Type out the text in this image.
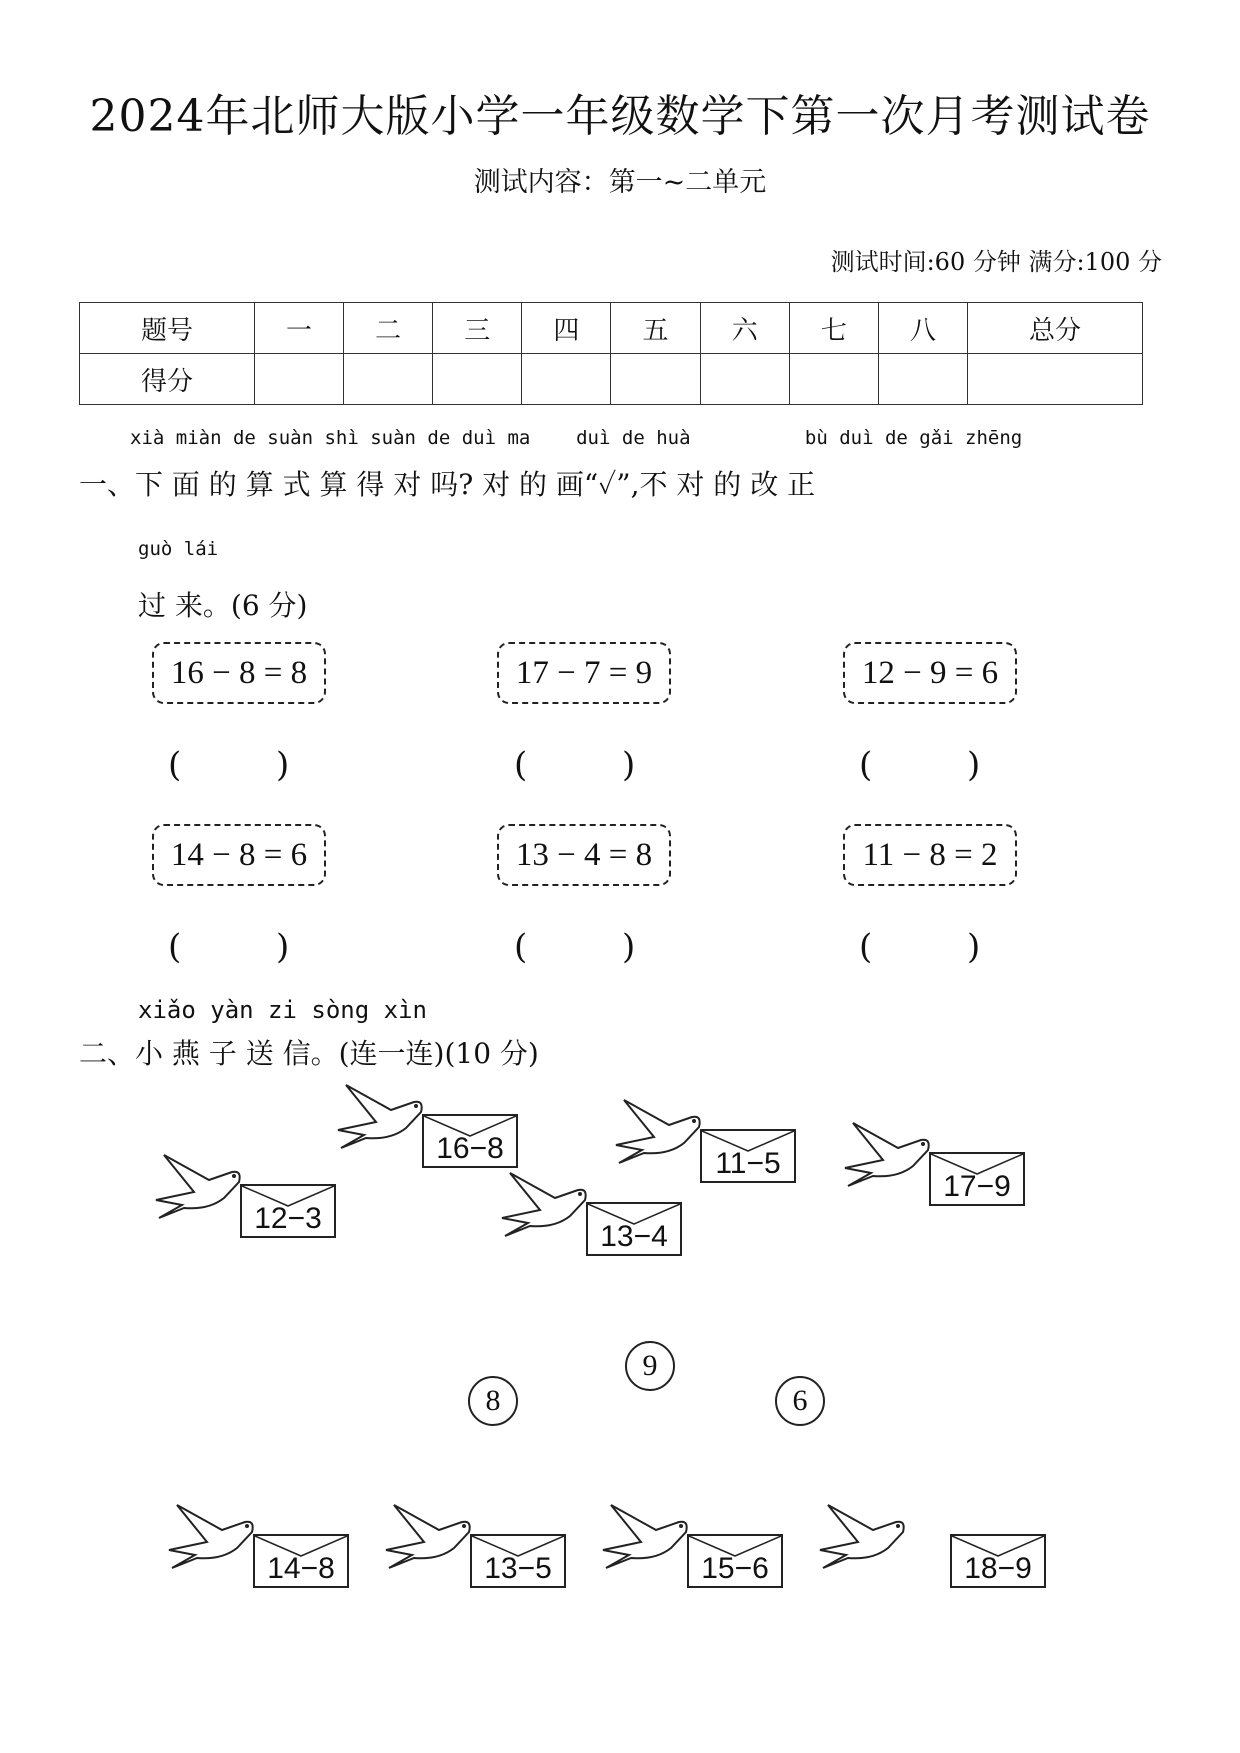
2024年北师大版小学一年级数学下第一次月考测试卷
测试内容：第一~二单元
测试时间:60 分钟 满分:100 分
题号	一	二	三	四	五	六	七	八	总分
得分									
xià miàn de suàn shì suàn de duì ma    duì de huà          bù duì de gǎi zhēng
一、下 面 的 算 式 算 得 对 吗? 对 的 画“✓”,不 对 的 改 正
guò lái
过 来。(6 分)
16 − 8 = 8	17 − 7 = 9	12 − 9 = 6
(	)	(	)	(	)
14 − 8 = 6	13 − 4 = 8	11 − 8 = 2
(	)	(	)	(	)
xiǎo yàn zi sòng xìn
二、小 燕 子 送 信。(连一连)(10 分)
16−8	11−5
17−9
12−3
13−4
9
8	6
14−8	13−5	15−6	18−9
